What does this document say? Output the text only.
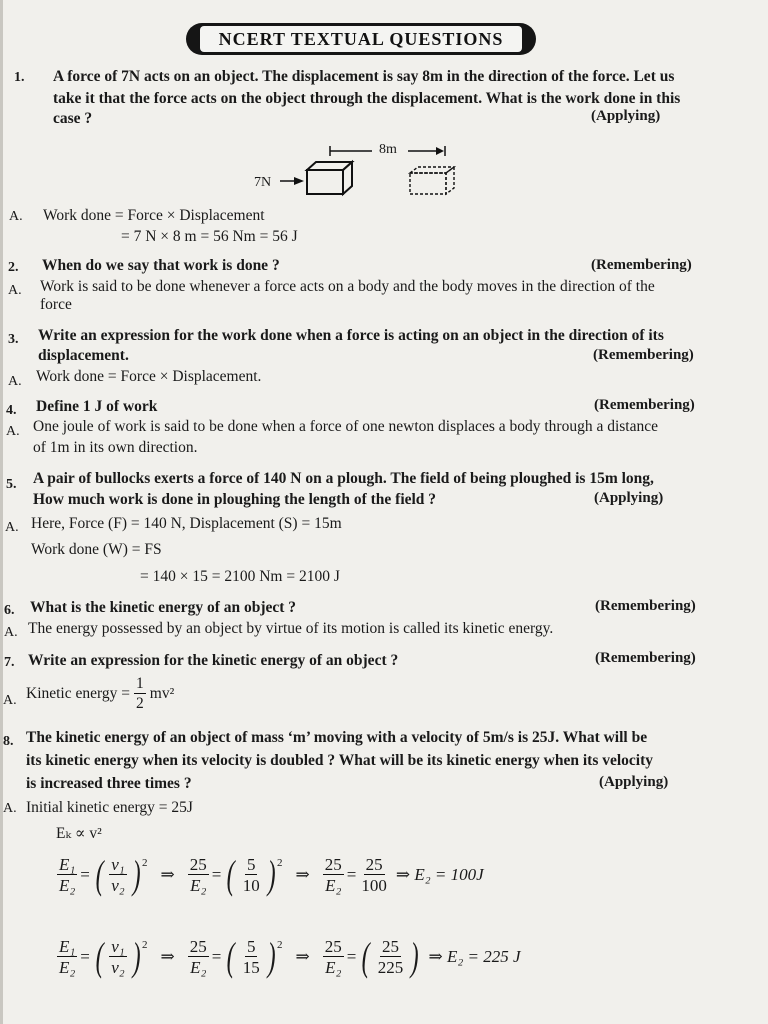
NCERT TEXTUAL QUESTIONS
1. A force of 7N acts on an object. The displacement is say 8m in the direction of the force. Let us
take it that the force acts on the object through the displacement. What is the work done in this
case ?	(Applying)
8m
7N
A. Work done = Force × Displacement
= 7 N × 8 m = 56 Nm = 56 J
2. When do we say that work is done ?	(Remembering)
A. Work is said to be done whenever a force acts on a body and the body moves in the direction of the
force
3. Write an expression for the work done when a force is acting on an object in the direction of its
displacement.	(Remembering)
A. Work done = Force × Displacement.
4. Define 1 J of work	(Remembering)
A. One joule of work is said to be done when a force of one newton displaces a body through a distance
of 1m in its own direction.
5. A pair of bullocks exerts a force of 140 N on a plough. The field of being ploughed is 15m long,
How much work is done in ploughing the length of the field ?	(Applying)
A. Here, Force (F) = 140 N, Displacement (S) = 15m
Work done (W) = FS
= 140 × 15 = 2100 Nm = 2100 J
6. What is the kinetic energy of an object ?	(Remembering)
A. The energy possessed by an object by virtue of its motion is called its kinetic energy.
7. Write an expression for the kinetic energy of an object ?	(Remembering)
A. Kinetic energy = $\frac{1}{2} mv^2$
8. The kinetic energy of an object of mass ‘m’ moving with a velocity of 5m/s is 25J. What will be
its kinetic energy when its velocity is doubled ? What will be its kinetic energy when its velocity
is increased three times ?	(Applying)
A. Initial kinetic energy = 25J
Eₖ ∝ v²
$\frac{\text{E₁}}{\text{E₂}}$ = ( $\frac{\text{v₁}}{\text{v₂}}$ ) 2
⇒ $\frac{25}{\text{E₂}}$ = ( $\frac{5}{10}$ ) 2
⇒ $\frac{25}{\text{E₂}} = \frac{25}{100}$ ⇒ E₂ = 100J
$\frac{\text{E₁}}{\text{E₂}}$ = ( $\frac{\text{v₁}}{\text{v₂}}$ ) 2
⇒ $\frac{25}{\text{E₂}}$ = ( $\frac{5}{15}$ ) 2
⇒ $\frac{25}{\text{E₂}}$ = ( $\frac{25}{225}$ ) ⇒ E₂ = 225 J
